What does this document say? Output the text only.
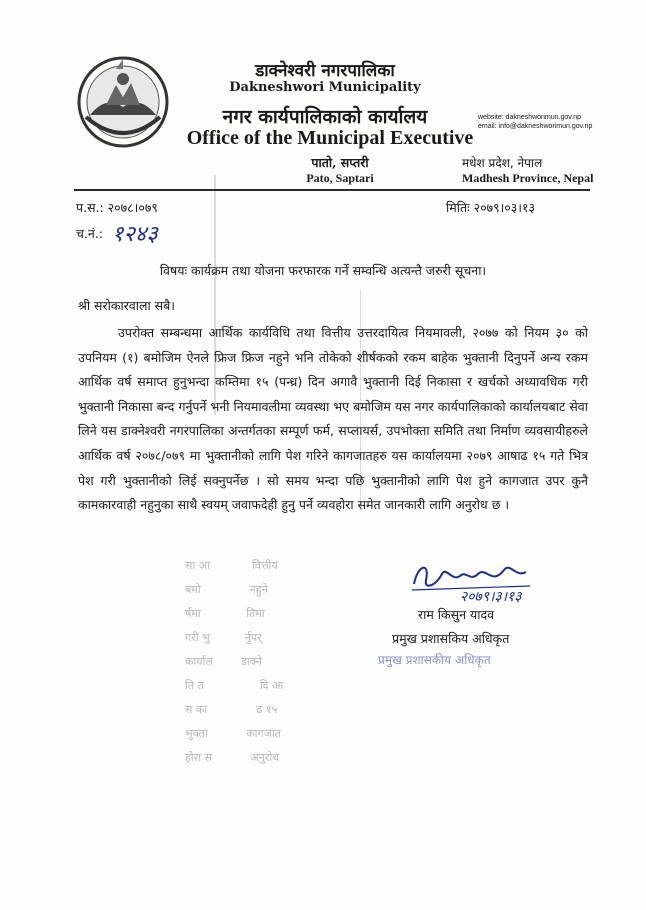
डाक्नेश्वरी नगरपालिका
Dakneshwori Municipality
नगर कार्यपालिकाको कार्यालय
Office of the Municipal Executive
पातो, सप्तरी
Pato, Saptari
website: dakneshworimun.gov.np
email: info@dakneshworimun.gov.np
मधेश प्रदेश, नेपाल
Madhesh Province, Nepal
प.स.: २०७८।०७९
च.नं.: १२४३
मितिः २०७९।०३।१३
विषयः कार्यक्रम तथा योजना फरफारक गर्ने सम्वन्धि अत्यन्तै जरुरी सूचना।
श्री सरोकारवाला सबै।
उपरोक्त सम्बन्धमा आर्थिक कार्यविधि तथा वित्तीय उत्तरदायित्व नियमावली, २०७७ को नियम ३० को उपनियम (१) बमोजिम ऐनले फ्रिज फ्रिज नहुने भनि तोकेको शीर्षकको रकम बाहेक भुक्तानी दिनुपर्ने अन्य रकम आर्थिक वर्ष समाप्त हुनुभन्दा कम्तिमा १५ (पन्ध्र) दिन अगावै भुक्तानी दिई निकासा र खर्चको अध्यावधिक गरी भुक्तानी निकासा बन्द गर्नुपर्ने भनी नियमावलीमा व्यवस्था भए बमोजिम यस नगर कार्यपालिकाको कार्यालयबाट सेवा लिने यस डाक्नेश्वरी नगरपालिका अन्तर्गतका सम्पूर्ण फर्म, सप्लायर्स, उपभोक्ता समिति तथा निर्माण व्यवसायीहरुले आर्थिक वर्ष २०७८/०७९ मा भुक्तानीको लागि पेश गरिने कागजातहरु यस कार्यालयमा २०७९ आषाढ १५ गते भित्र पेश गरी भुक्तानीको लिई सक्नुपर्नेछ । सो समय भन्दा पछि भुक्तानीको लागि पेश हुने कागजात उपर कुनै कामकारवाही नहुनुका साथै स्वयम् जवाफदेही हुनु पर्ने व्यवहोरा समेत जानकारी लागि अनुरोध छ ।
सा आ            वित्तीय
बमो              नहुने
र्षमा             तिमा
गरी भु          र्नुपर्
कार्याल        डाक्ने
ति त                दि आ
स का              ढ १५
भुक्ता           कागजात
होरा स           अनुरोध
२०७९।३।१३
राम किसुन यादव
प्रमुख प्रशासकिय अधिकृत
प्रमुख प्रशासकीय अधिकृत
